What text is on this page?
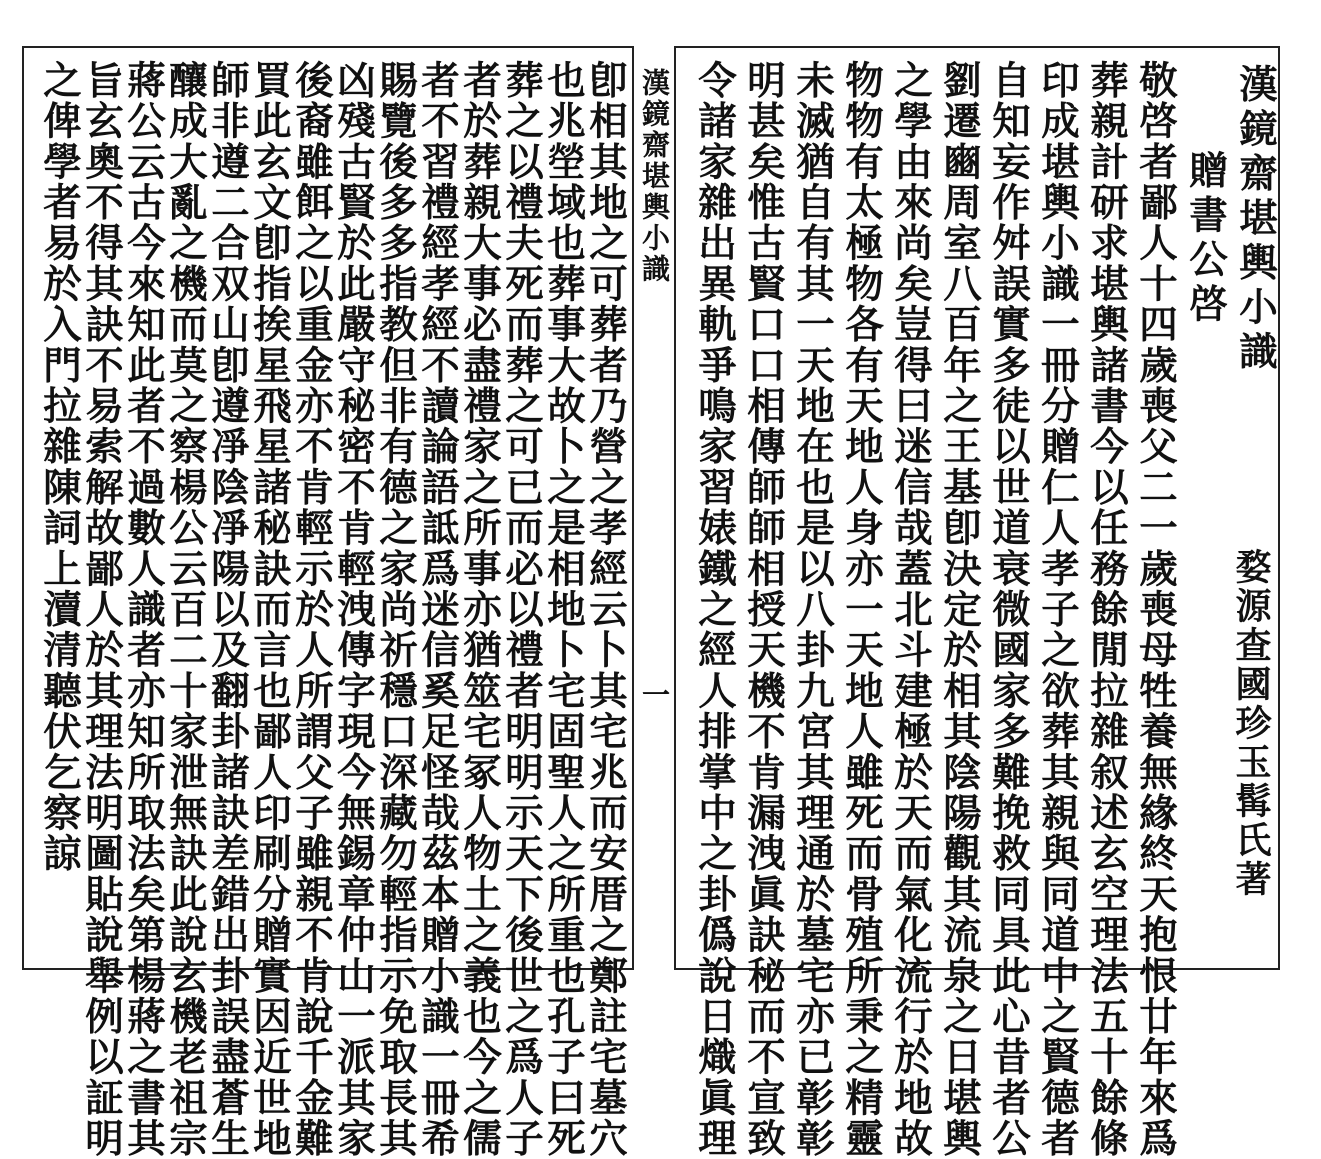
漢鏡齋堪輿小識
贈書公啓
婺源查國珍玉髯氏著
敬啓者鄙人十四歲喪父二一歲喪母牲養無緣終天抱恨廿年來爲
葬親計研求堪輿諸書今以任務餘閒拉雜叙述玄空理法五十餘條
印成堪輿小識一冊分贈仁人孝子之欲葬其親與同道中之賢德者
自知妄作舛誤實多徒以世道衰微國家多難挽救同具此心昔者公
劉遷豳周室八百年之王基卽決定於相其陰陽觀其流泉之日堪輿
之學由來尚矣豈得曰迷信哉蓋北斗建極於天而氣化流行於地故
物物有太極物各有天地人身亦一天地人雖死而骨殖所秉之精靈
未滅猶自有其一天地在也是以八卦九宮其理通於墓宅亦已彰彰
明甚矣惟古賢口口相傳師師相授天機不肯漏洩眞訣秘而不宣致
令諸家雜出異軌爭鳴家習婊鐵之經人排掌中之卦僞說日熾眞理
漢鏡齋堪輿小識
一
卽相其地之可葬者乃營之孝經云卜其宅兆而安厝之鄭註宅墓穴
也兆塋域也葬事大故卜之是相地卜宅固聖人之所重也孔子曰死
葬之以禮夫死而葬之可已而必以禮者明明示天下後世之爲人子
者於葬親大事必盡禮家之所事亦猶筮宅冢人物土之義也今之儒
者不習禮經孝經不讀論語詆爲迷信奚足怪哉茲本贈小識一冊希
賜覽後多多指教但非有德之家尚祈穩口深藏勿輕指示免取長其
凶殘古賢於此嚴守秘密不肯輕洩傳字現今無錫章仲山一派其家
後裔雖餌之以重金亦不肯輕示於人所謂父子雖親不肯說千金難
買此玄文卽指挨星飛星諸秘訣而言也鄙人印刷分贈實因近世地
師非遵二合双山卽遵凈陰凈陽以及翻卦諸訣差錯出卦誤盡蒼生
釀成大亂之機而莫之察楊公云百二十家泄無訣此說玄機老祖宗
蔣公云古今來知此者不過數人識者亦知所取法矣第楊蔣之書其
旨玄奧不得其訣不易索解故鄙人於其理法明圖貼說舉例以証明
之俾學者易於入門拉雜陳詞上瀆清聽伏乞察諒
